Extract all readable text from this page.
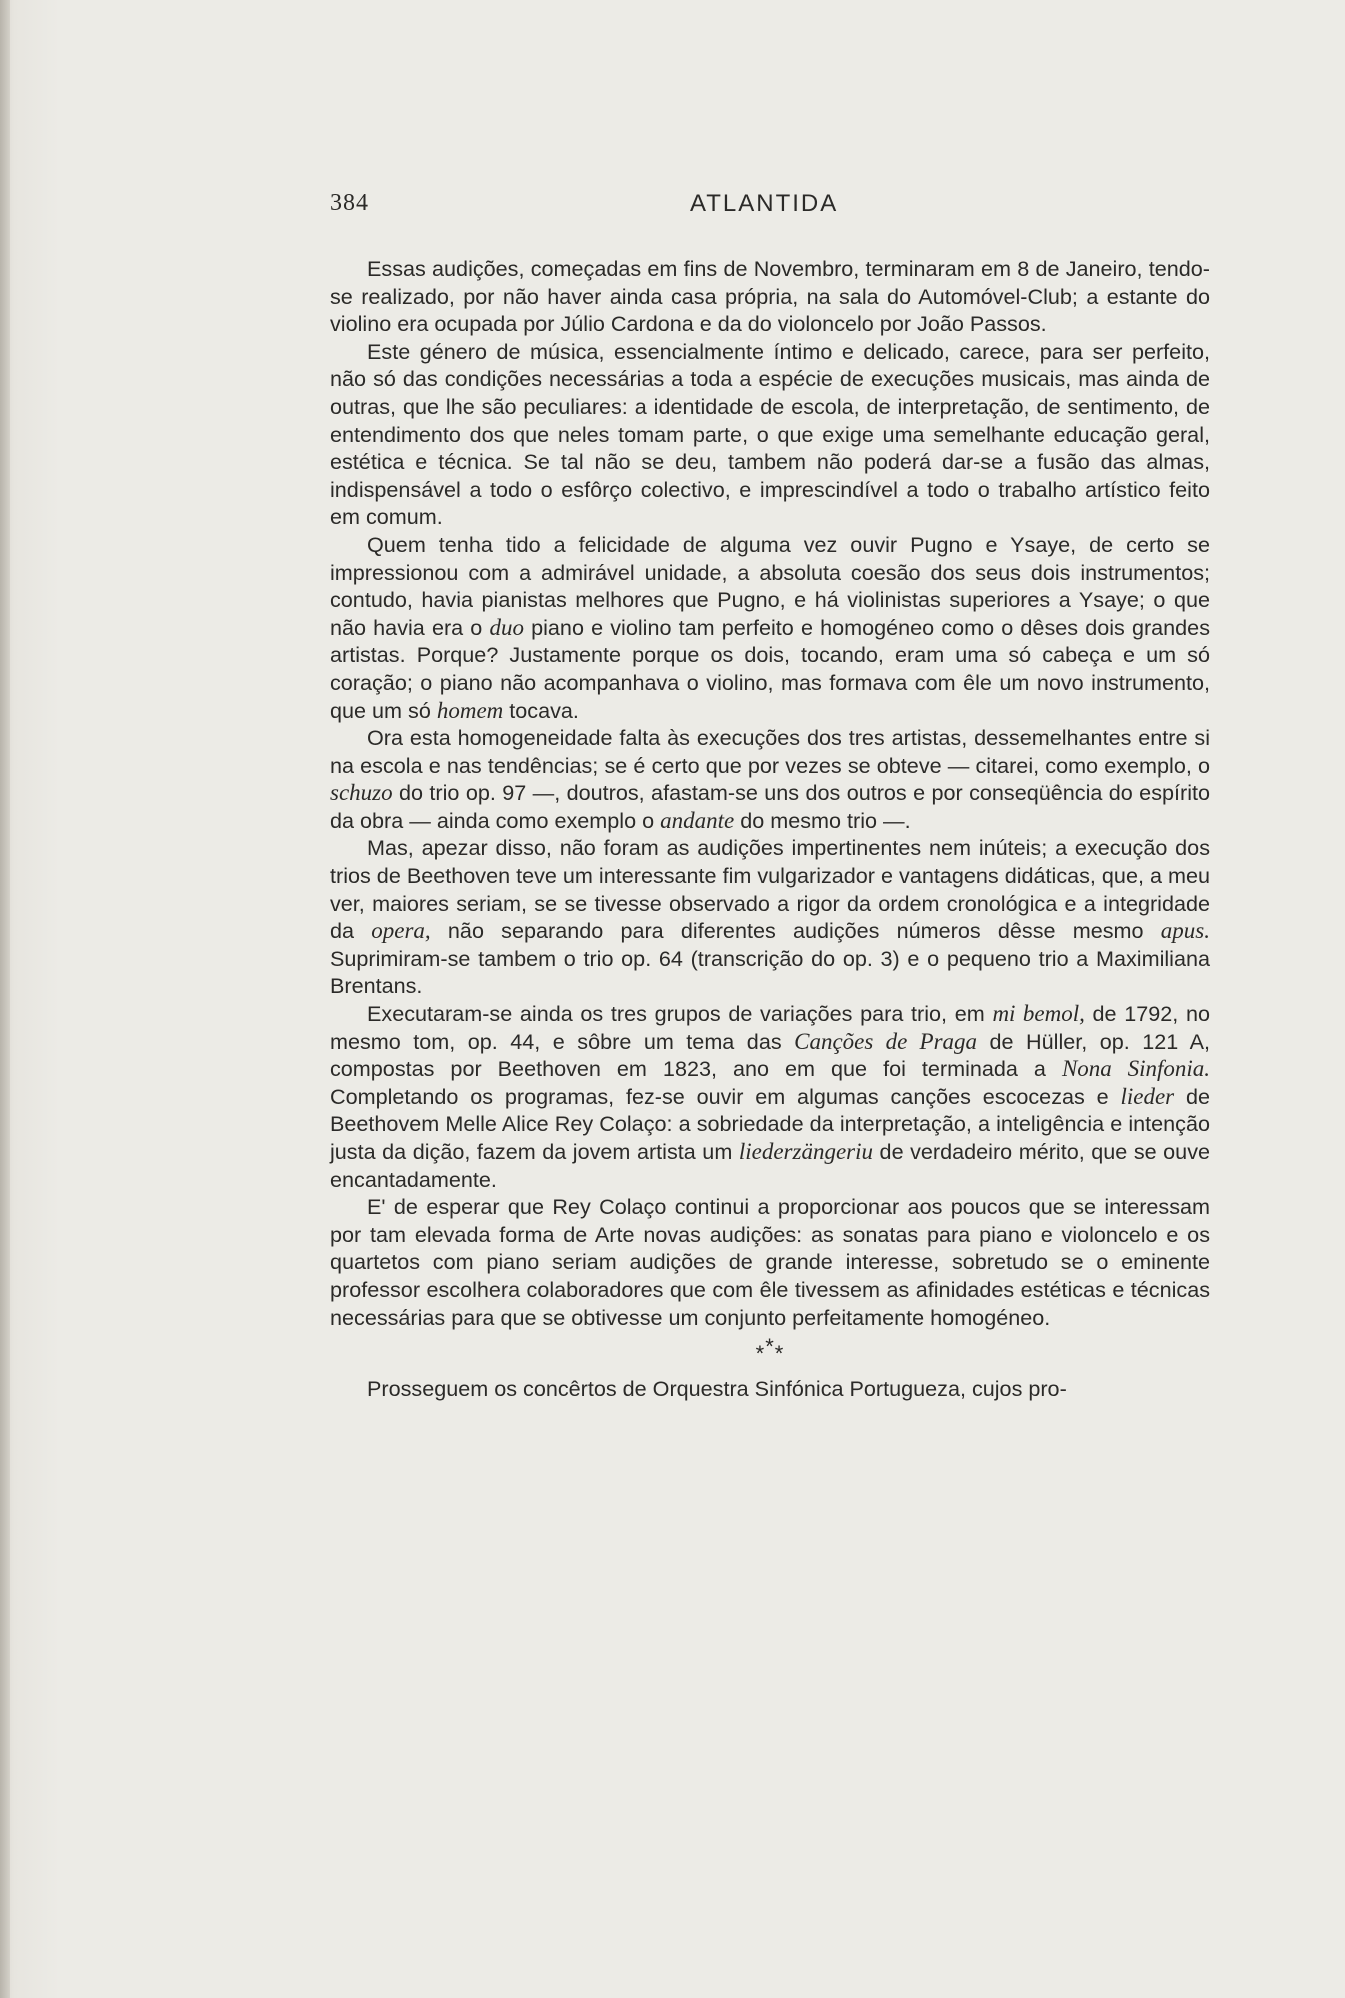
384	ATLANTIDA

Essas audições, começadas em fins de Novembro, terminaram em 8 de Janeiro, tendo-se realizado, por não haver ainda casa própria, na sala do Automóvel-Club; a estante do violino era ocupada por Júlio Cardona e da do violoncelo por João Passos.

Este género de música, essencialmente íntimo e delicado, carece, para ser perfeito, não só das condições necessárias a toda a espécie de execuções musicais, mas ainda de outras, que lhe são peculiares: a identidade de escola, de interpretação, de sentimento, de entendimento dos que neles tomam parte, o que exige uma semelhante educação geral, estética e técnica. Se tal não se deu, tambem não poderá dar-se a fusão das almas, indispensável a todo o esfôrço colectivo, e imprescindível a todo o trabalho artístico feito em comum.

Quem tenha tido a felicidade de alguma vez ouvir Pugno e Ysaye, de certo se impressionou com a admirável unidade, a absoluta coesão dos seus dois instrumentos; contudo, havia pianistas melhores que Pugno, e há violinistas superiores a Ysaye; o que não havia era o duo piano e violino tam perfeito e homogéneo como o dêses dois grandes artistas. Porque? Justamente porque os dois, tocando, eram uma só cabeça e um só coração; o piano não acompanhava o violino, mas formava com êle um novo instrumento, que um só homem tocava.

Ora esta homogeneidade falta às execuções dos tres artistas, dessemelhantes entre si na escola e nas tendências; se é certo que por vezes se obteve — citarei, como exemplo, o schuzo do trio op. 97 —, doutros, afastam-se uns dos outros e por conseqüência do espírito da obra — ainda como exemplo o andante do mesmo trio —.

Mas, apezar disso, não foram as audições impertinentes nem inúteis; a execução dos trios de Beethoven teve um interessante fim vulgarizador e vantagens didáticas, que, a meu ver, maiores seriam, se se tivesse observado a rigor da ordem cronológica e a integridade da opera, não separando para diferentes audições números dêsse mesmo apus. Suprimiram-se tambem o trio op. 64 (transcrição do op. 3) e o pequeno trio a Maximiliana Brentans.

Executaram-se ainda os tres grupos de variações para trio, em mi bemol, de 1792, no mesmo tom, op. 44, e sôbre um tema das Canções de Praga de Hüller, op. 121 A, compostas por Beethoven em 1823, ano em que foi terminada a Nona Sinfonia. Completando os programas, fez-se ouvir em algumas canções escocezas e lieder de Beethovem Melle Alice Rey Colaço: a sobriedade da interpretação, a inteligência e intenção justa da dição, fazem da jovem artista um liederzängeriu de verdadeiro mérito, que se ouve encantadamente.

E' de esperar que Rey Colaço continui a proporcionar aos poucos que se interessam por tam elevada forma de Arte novas audições: as sonatas para piano e violoncelo e os quartetos com piano seriam audições de grande interesse, sobretudo se o eminente professor escolhera colaboradores que com êle tivessem as afinidades estéticas e técnicas necessárias para que se obtivesse um conjunto perfeitamente homogéneo.

***

Prosseguem os concêrtos de Orquestra Sinfónica Portugueza, cujos pro-
